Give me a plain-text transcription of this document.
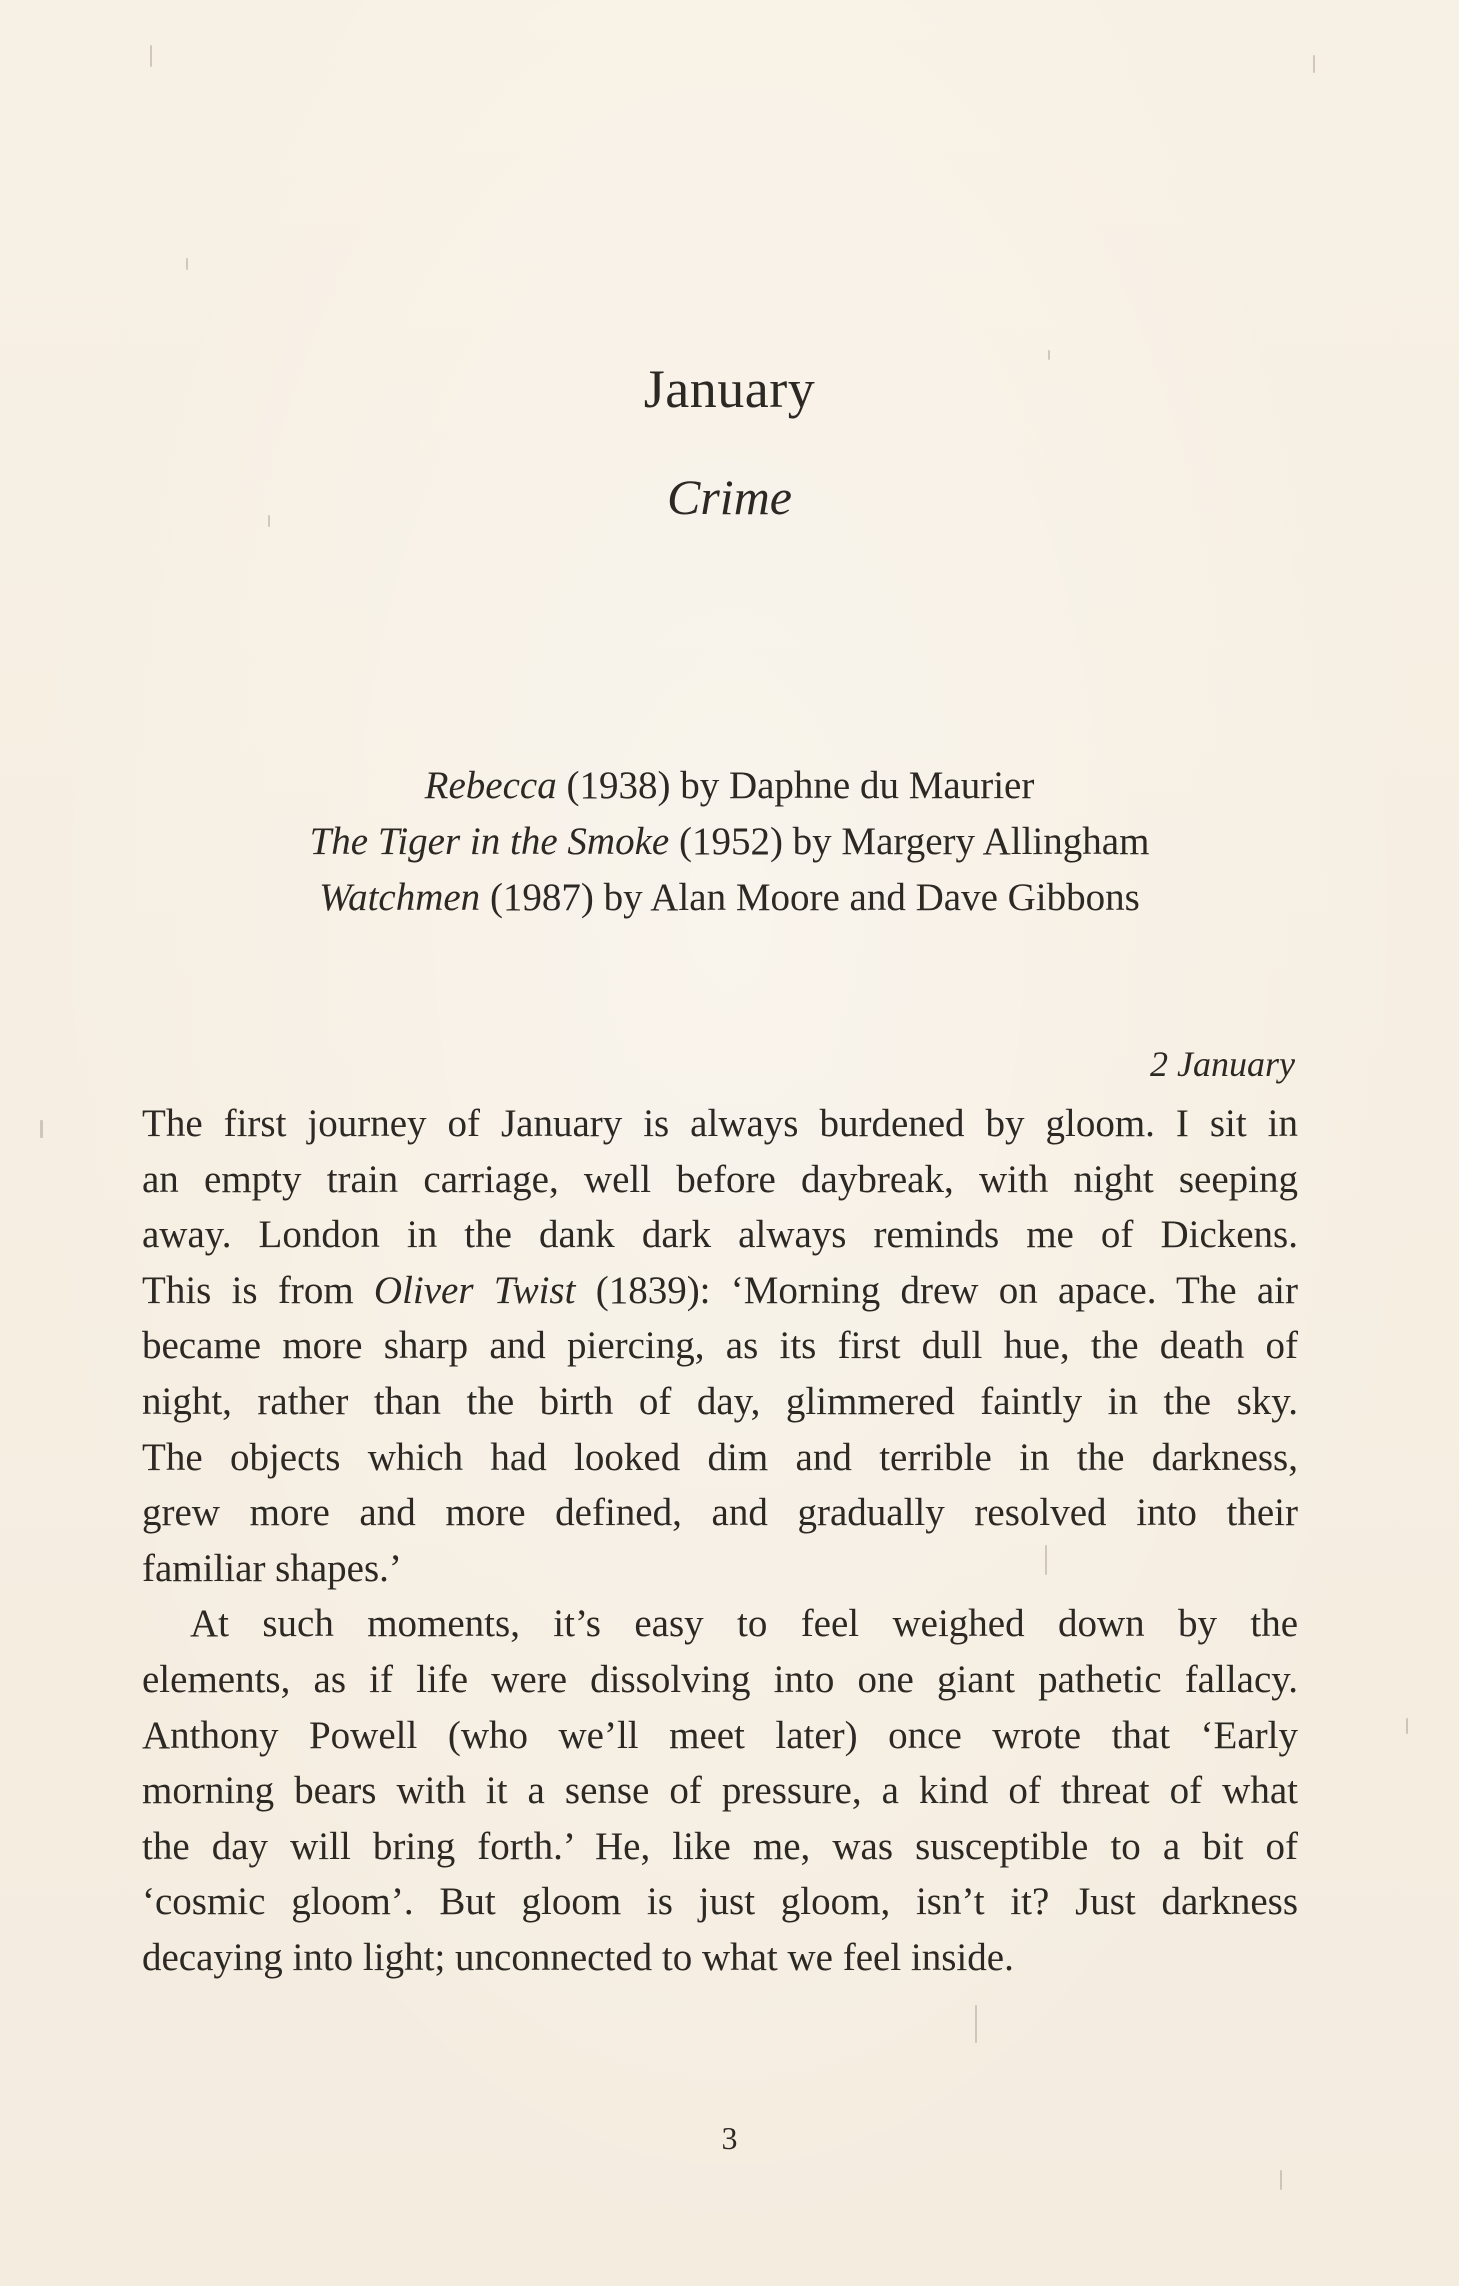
January
Crime
Rebecca (1938) by Daphne du Maurier
The Tiger in the Smoke (1952) by Margery Allingham
Watchmen (1987) by Alan Moore and Dave Gibbons
2 January
The first journey of January is always burdened by gloom. I sit in
an empty train carriage, well before daybreak, with night seeping
away. London in the dank dark always reminds me of Dickens.
This is from Oliver Twist (1839): ‘Morning drew on apace. The air
became more sharp and piercing, as its first dull hue, the death of
night, rather than the birth of day, glimmered faintly in the sky.
The objects which had looked dim and terrible in the darkness,
grew more and more defined, and gradually resolved into their
familiar shapes.’
At such moments, it’s easy to feel weighed down by the
elements, as if life were dissolving into one giant pathetic fallacy.
Anthony Powell (who we’ll meet later) once wrote that ‘Early
morning bears with it a sense of pressure, a kind of threat of what
the day will bring forth.’ He, like me, was susceptible to a bit of
‘cosmic gloom’. But gloom is just gloom, isn’t it? Just darkness
decaying into light; unconnected to what we feel inside.
3
